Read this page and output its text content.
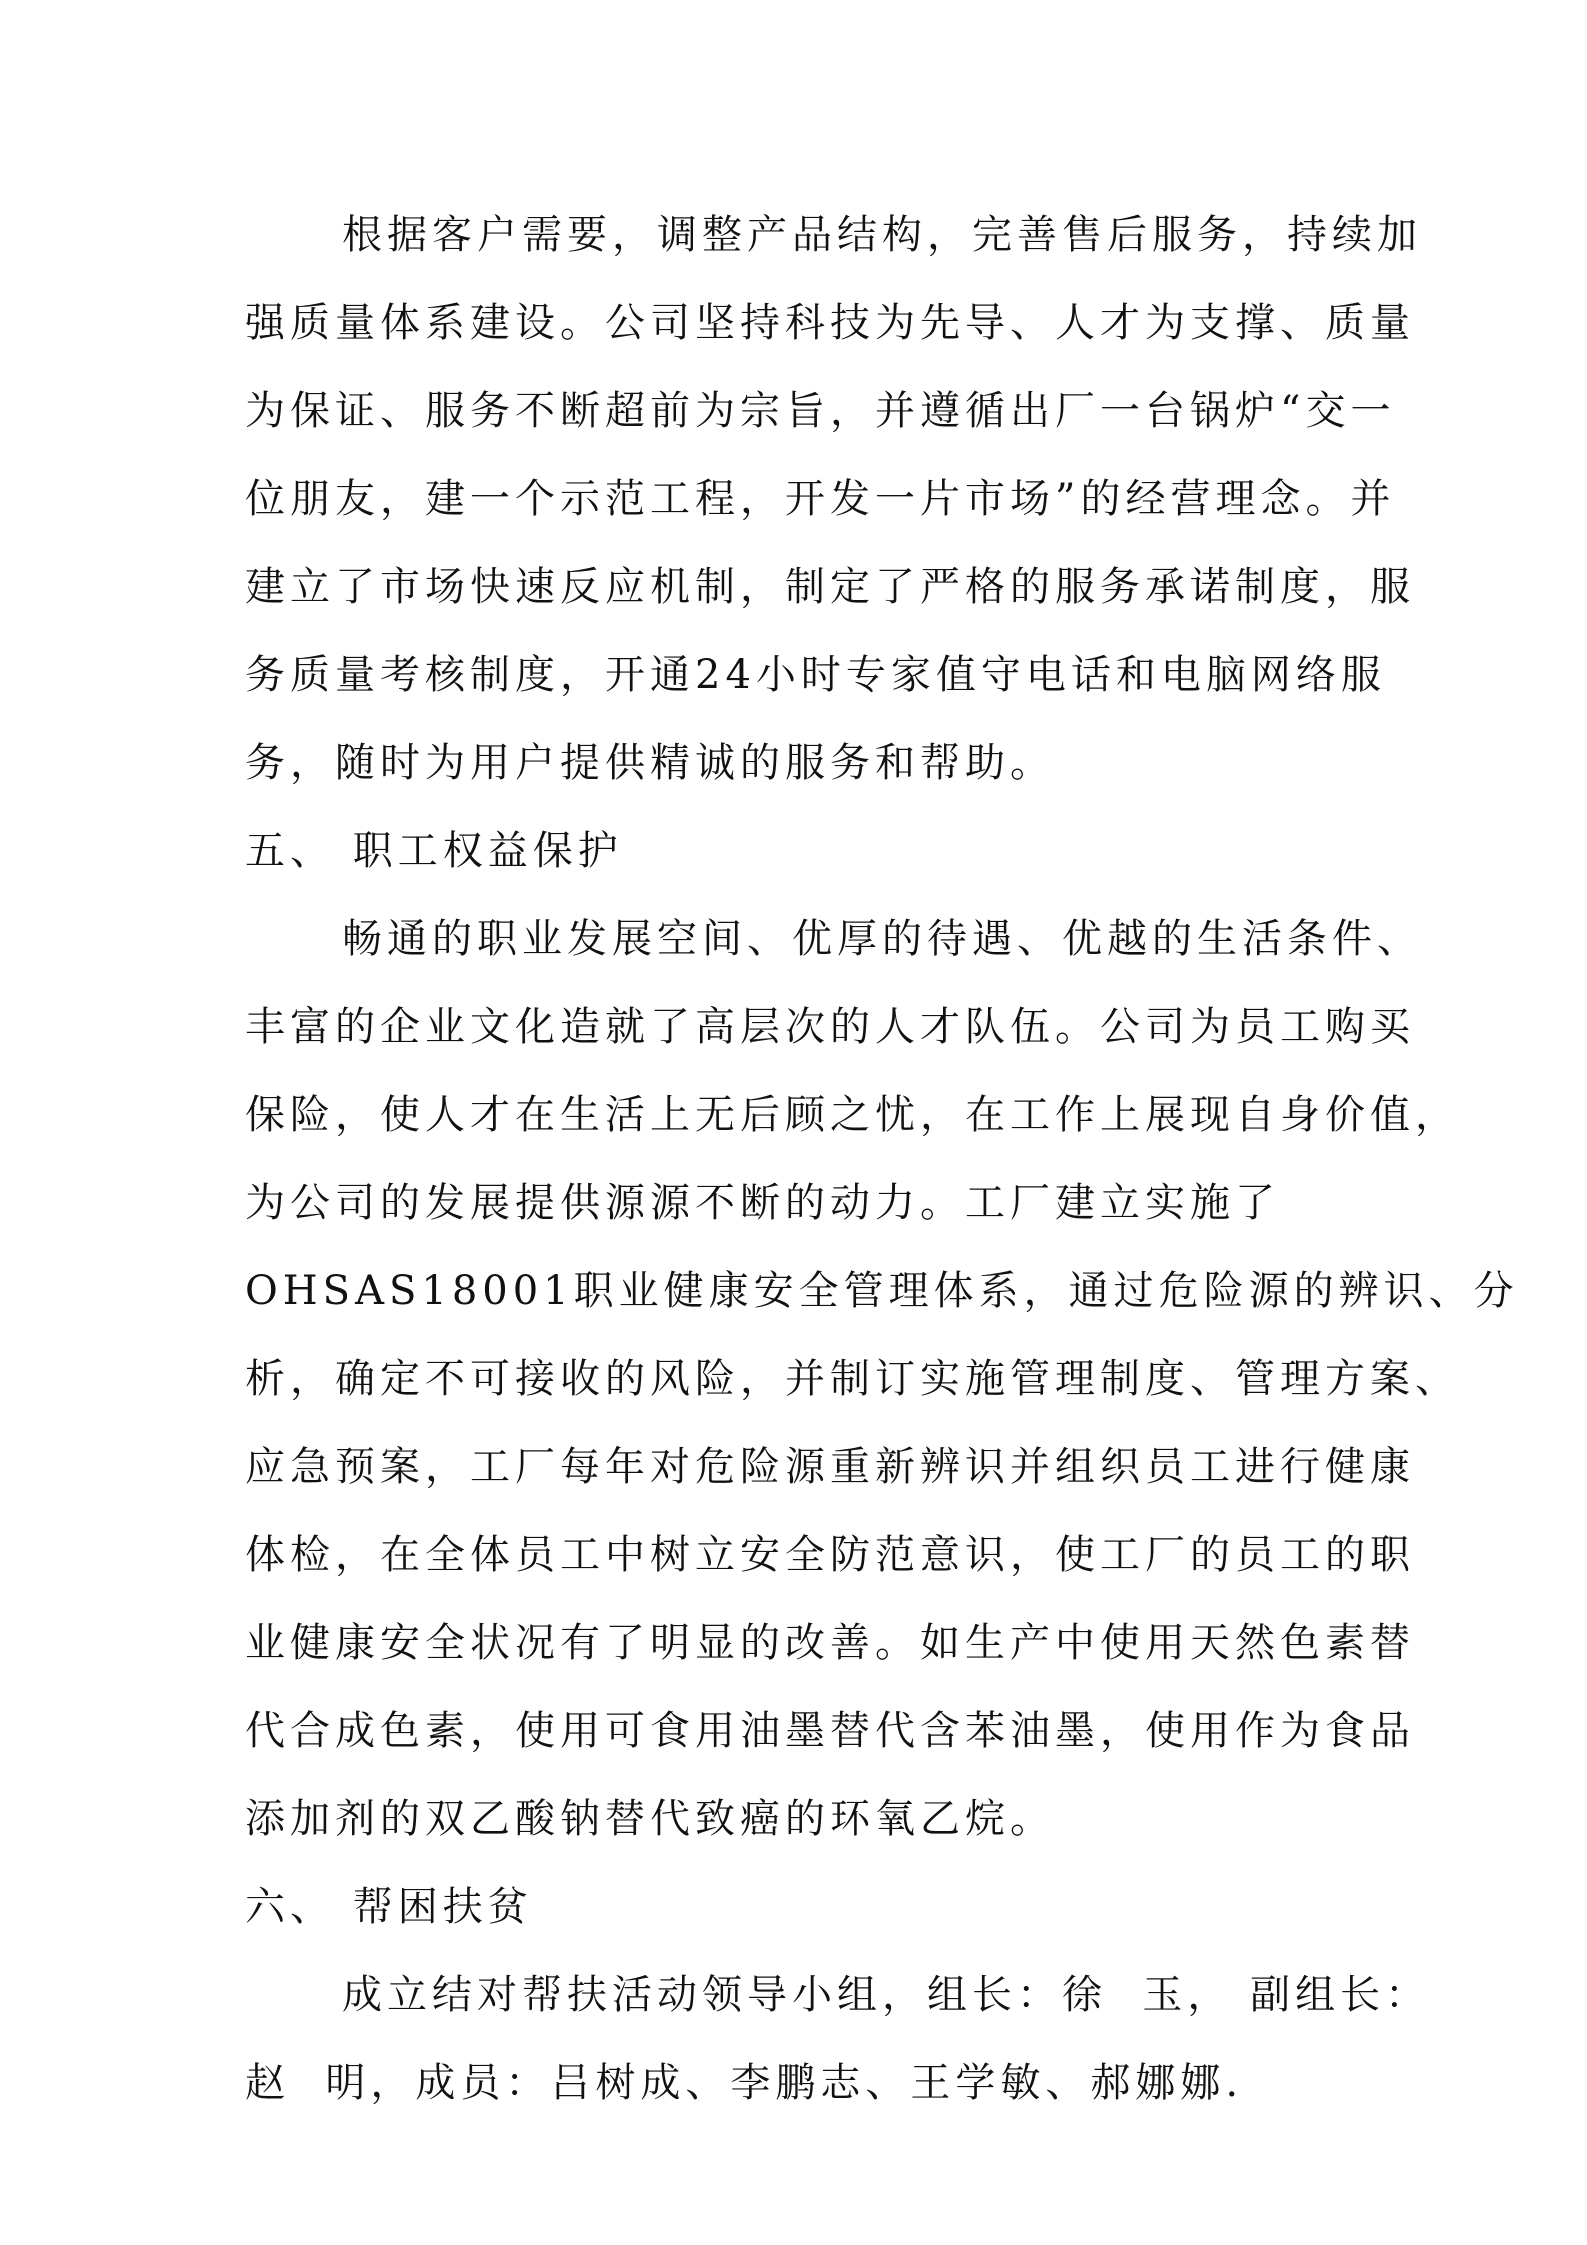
根据客户需要，调整产品结构，完善售后服务，持续加
强质量体系建设。公司坚持科技为先导、人才为支撑、质量
为保证、服务不断超前为宗旨，并遵循出厂一台锅炉“交一
位朋友，建一个示范工程，开发一片市场”的经营理念。并
建立了市场快速反应机制，制定了严格的服务承诺制度，服
务质量考核制度，开通24小时专家值守电话和电脑网络服
务，随时为用户提供精诚的服务和帮助。
五、 职工权益保护
畅通的职业发展空间、优厚的待遇、优越的生活条件、
丰富的企业文化造就了高层次的人才队伍。公司为员工购买
保险，使人才在生活上无后顾之忧，在工作上展现自身价值，
为公司的发展提供源源不断的动力。工厂建立实施了
OHSAS18001职业健康安全管理体系，通过危险源的辨识、分
析，确定不可接收的风险，并制订实施管理制度、管理方案、
应急预案，工厂每年对危险源重新辨识并组织员工进行健康
体检，在全体员工中树立安全防范意识，使工厂的员工的职
业健康安全状况有了明显的改善。如生产中使用天然色素替
代合成色素，使用可食用油墨替代含苯油墨，使用作为食品
添加剂的双乙酸钠替代致癌的环氧乙烷。
六、 帮困扶贫
成立结对帮扶活动领导小组，组长：徐  玉， 副组长：
赵  明，成员：吕树成、李鹏志、王学敏、郝娜娜.
